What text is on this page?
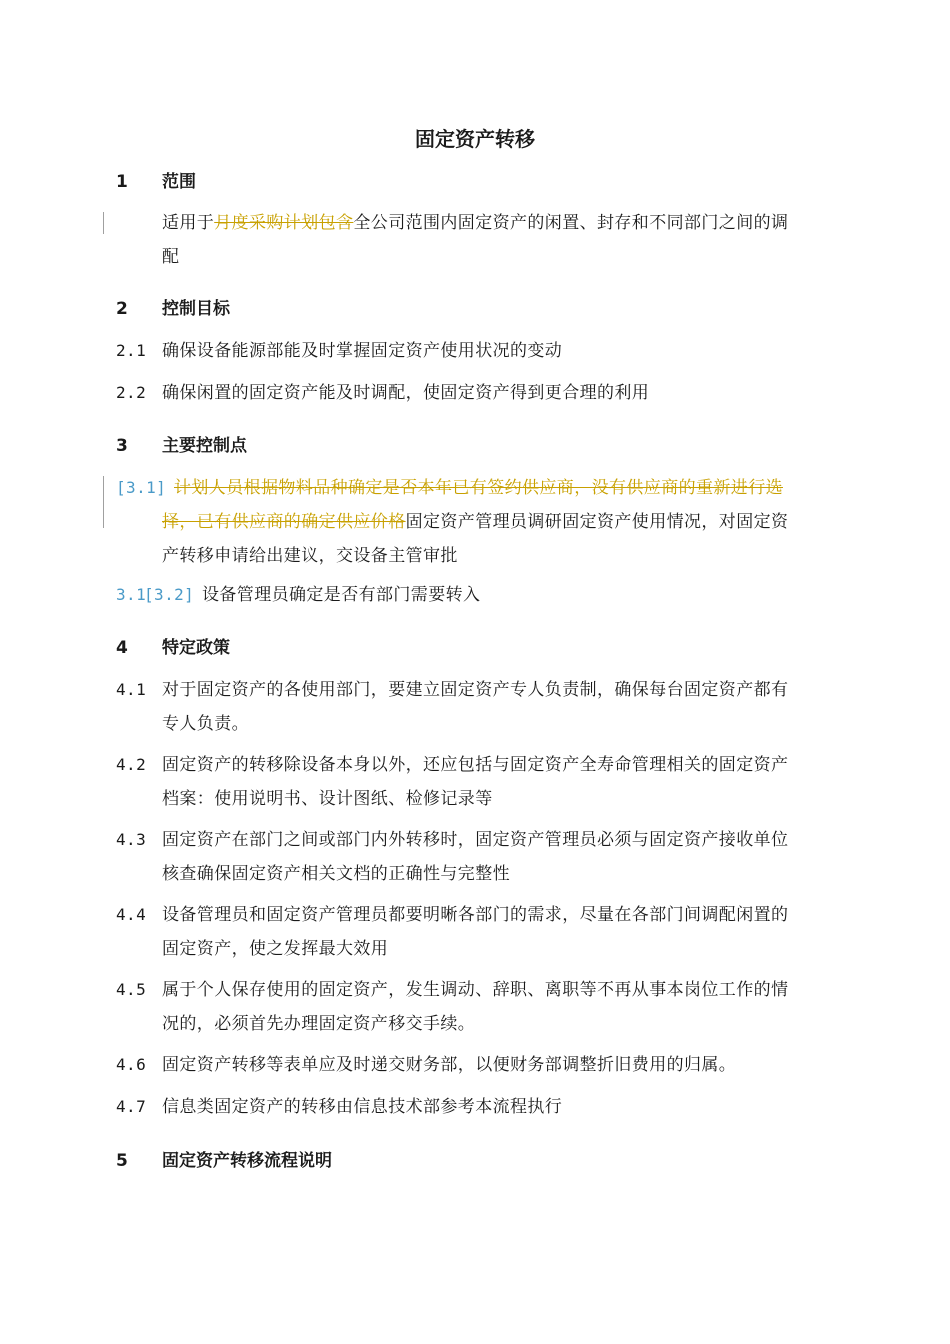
固定资产转移
1 范围
适用于月度采购计划包含全公司范围内固定资产的闲置、封存和不同部门之间的调
配
2 控制目标
2.1 确保设备能源部能及时掌握固定资产使用状况的变动
2.2 确保闲置的固定资产能及时调配，使固定资产得到更合理的利用
3 主要控制点
[3.1] 计划人员根据物料品种确定是否本年已有签约供应商，没有供应商的重新进行选
择，已有供应商的确定供应价格固定资产管理员调研固定资产使用情况，对固定资
产转移申请给出建议，交设备主管审批
3.1
[3.2] 设备管理员确定是否有部门需要转入
4 特定政策
4.1 对于固定资产的各使用部门，要建立固定资产专人负责制，确保每台固定资产都有
专人负责。
4.2 固定资产的转移除设备本身以外，还应包括与固定资产全寿命管理相关的固定资产
档案：使用说明书、设计图纸、检修记录等
4.3 固定资产在部门之间或部门内外转移时，固定资产管理员必须与固定资产接收单位
核查确保固定资产相关文档的正确性与完整性
4.4 设备管理员和固定资产管理员都要明晰各部门的需求，尽量在各部门间调配闲置的
固定资产，使之发挥最大效用
4.5 属于个人保存使用的固定资产，发生调动、辞职、离职等不再从事本岗位工作的情
况的，必须首先办理固定资产移交手续。
4.6 固定资产转移等表单应及时递交财务部，以便财务部调整折旧费用的归属。
4.7 信息类固定资产的转移由信息技术部参考本流程执行
5 固定资产转移流程说明
